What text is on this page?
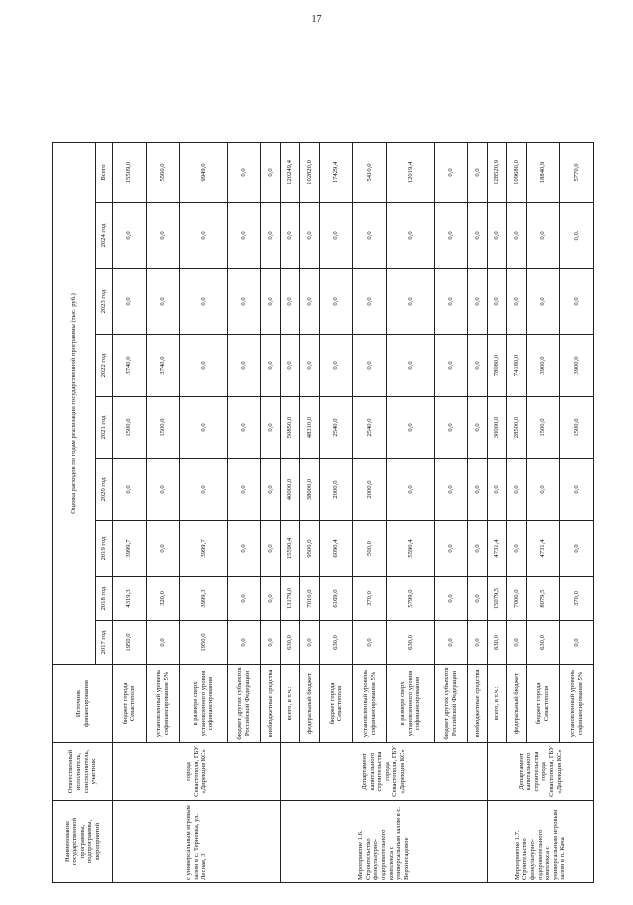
17
Наименование государственной программы, подпрограммы, мероприятий	Ответственный исполнитель, соисполнитель, участник	Источник финансирования	Оценка расходов по годам реализации государственной программы (тыс. руб.)								
			2017 год	2018 год	2019 год	2020 год	2021 год	2022 год	2023 год	2024 год	Всего
с универсальным игровым залом в с. Терновка, ул. Лесная, 3	города Севастополя, ГБУ «Дирекция КС»	бюджет города Севастополя	1950,0	4319,3	3999,7	0,0	1500,0	3740,0	0,0	0,0	15509,0
		установленный уровень софинансирования 5%	0,0	320,0	0,0	0,0	1500,0	3740,0	0,0	0,0	5560,0
		в размере сверх установленного уровня софинансирования	1950,0	3999,3	3999,7	0,0	0,0	0,0	0,0	0,0	9949,0
		бюджет других субъектов Российской Федерации	0,0	0,0	0,0	0,0	0,0	0,0	0,0	0,0	0,0
		внебюджетные средства	0,0	0,0	0,0	0,0	0,0	0,0	0,0	0,0	0,0
Мероприятие 1.6. Строительство физкультурно-оздоровительного комплекса с универсальным залом в с. Верхнесадовое	Департамент капитального строительства города Севастополя, ГБУ «Дирекция КС»	всего, в т.ч.:	630,0	13179,0	15590,4	40000,0	50850,0	0,0	0,0	0,0	120249,4
		федеральный бюджет	0,0	7010,0	9500,0	38000,0	48310,0	0,0	0,0	0,0	102820,0
		бюджет города Севастополя	630,0	6169,0	6090,4	2000,0	2540,0	0,0	0,0	0,0	17429,4
		установленный уровень софинансирования 5%	0,0	370,0	500,0	2000,0	2540,0	0,0	0,0	0,0	5410,0
		в размере сверх установленного уровня софинансирования	630,0	5799,0	5590,4	0,0	0,0	0,0	0,0	0,0	12019,4
		бюджет других субъектов Российской Федерации	0,0	0,0	0,0	0,0	0,0	0,0	0,0	0,0	0,0
		внебюджетные средства	0,0	0,0	0,0	0,0	0,0	0,0	0,0	0,0	0,0
Мероприятие 1.7. Строительство физкультурно-оздоровительного комплекса с универсальным игровым залом в п. Кача	Департамент капитального строительства города Севастополя, ГБУ «Дирекция КС»	всего, в т.ч.:	630,0	15079,5	4731,4	0,0	30000,0	78080,0	0,0	0,0	128520,9
		федеральный бюджет	0,0	7000,0	0,0	0,0	28500,0	74180,0	0,0	0,0	109680,0
		бюджет города Севастополя	630,0	8079,5	4731,4	0,0	1500,0	3900,0	0,0	0,0	18840,9
		установленный уровень софинансирования 5%	0,0	370,0	0,0	0,0	1500,0	3900,0	0,0	0,0.	5770,0
